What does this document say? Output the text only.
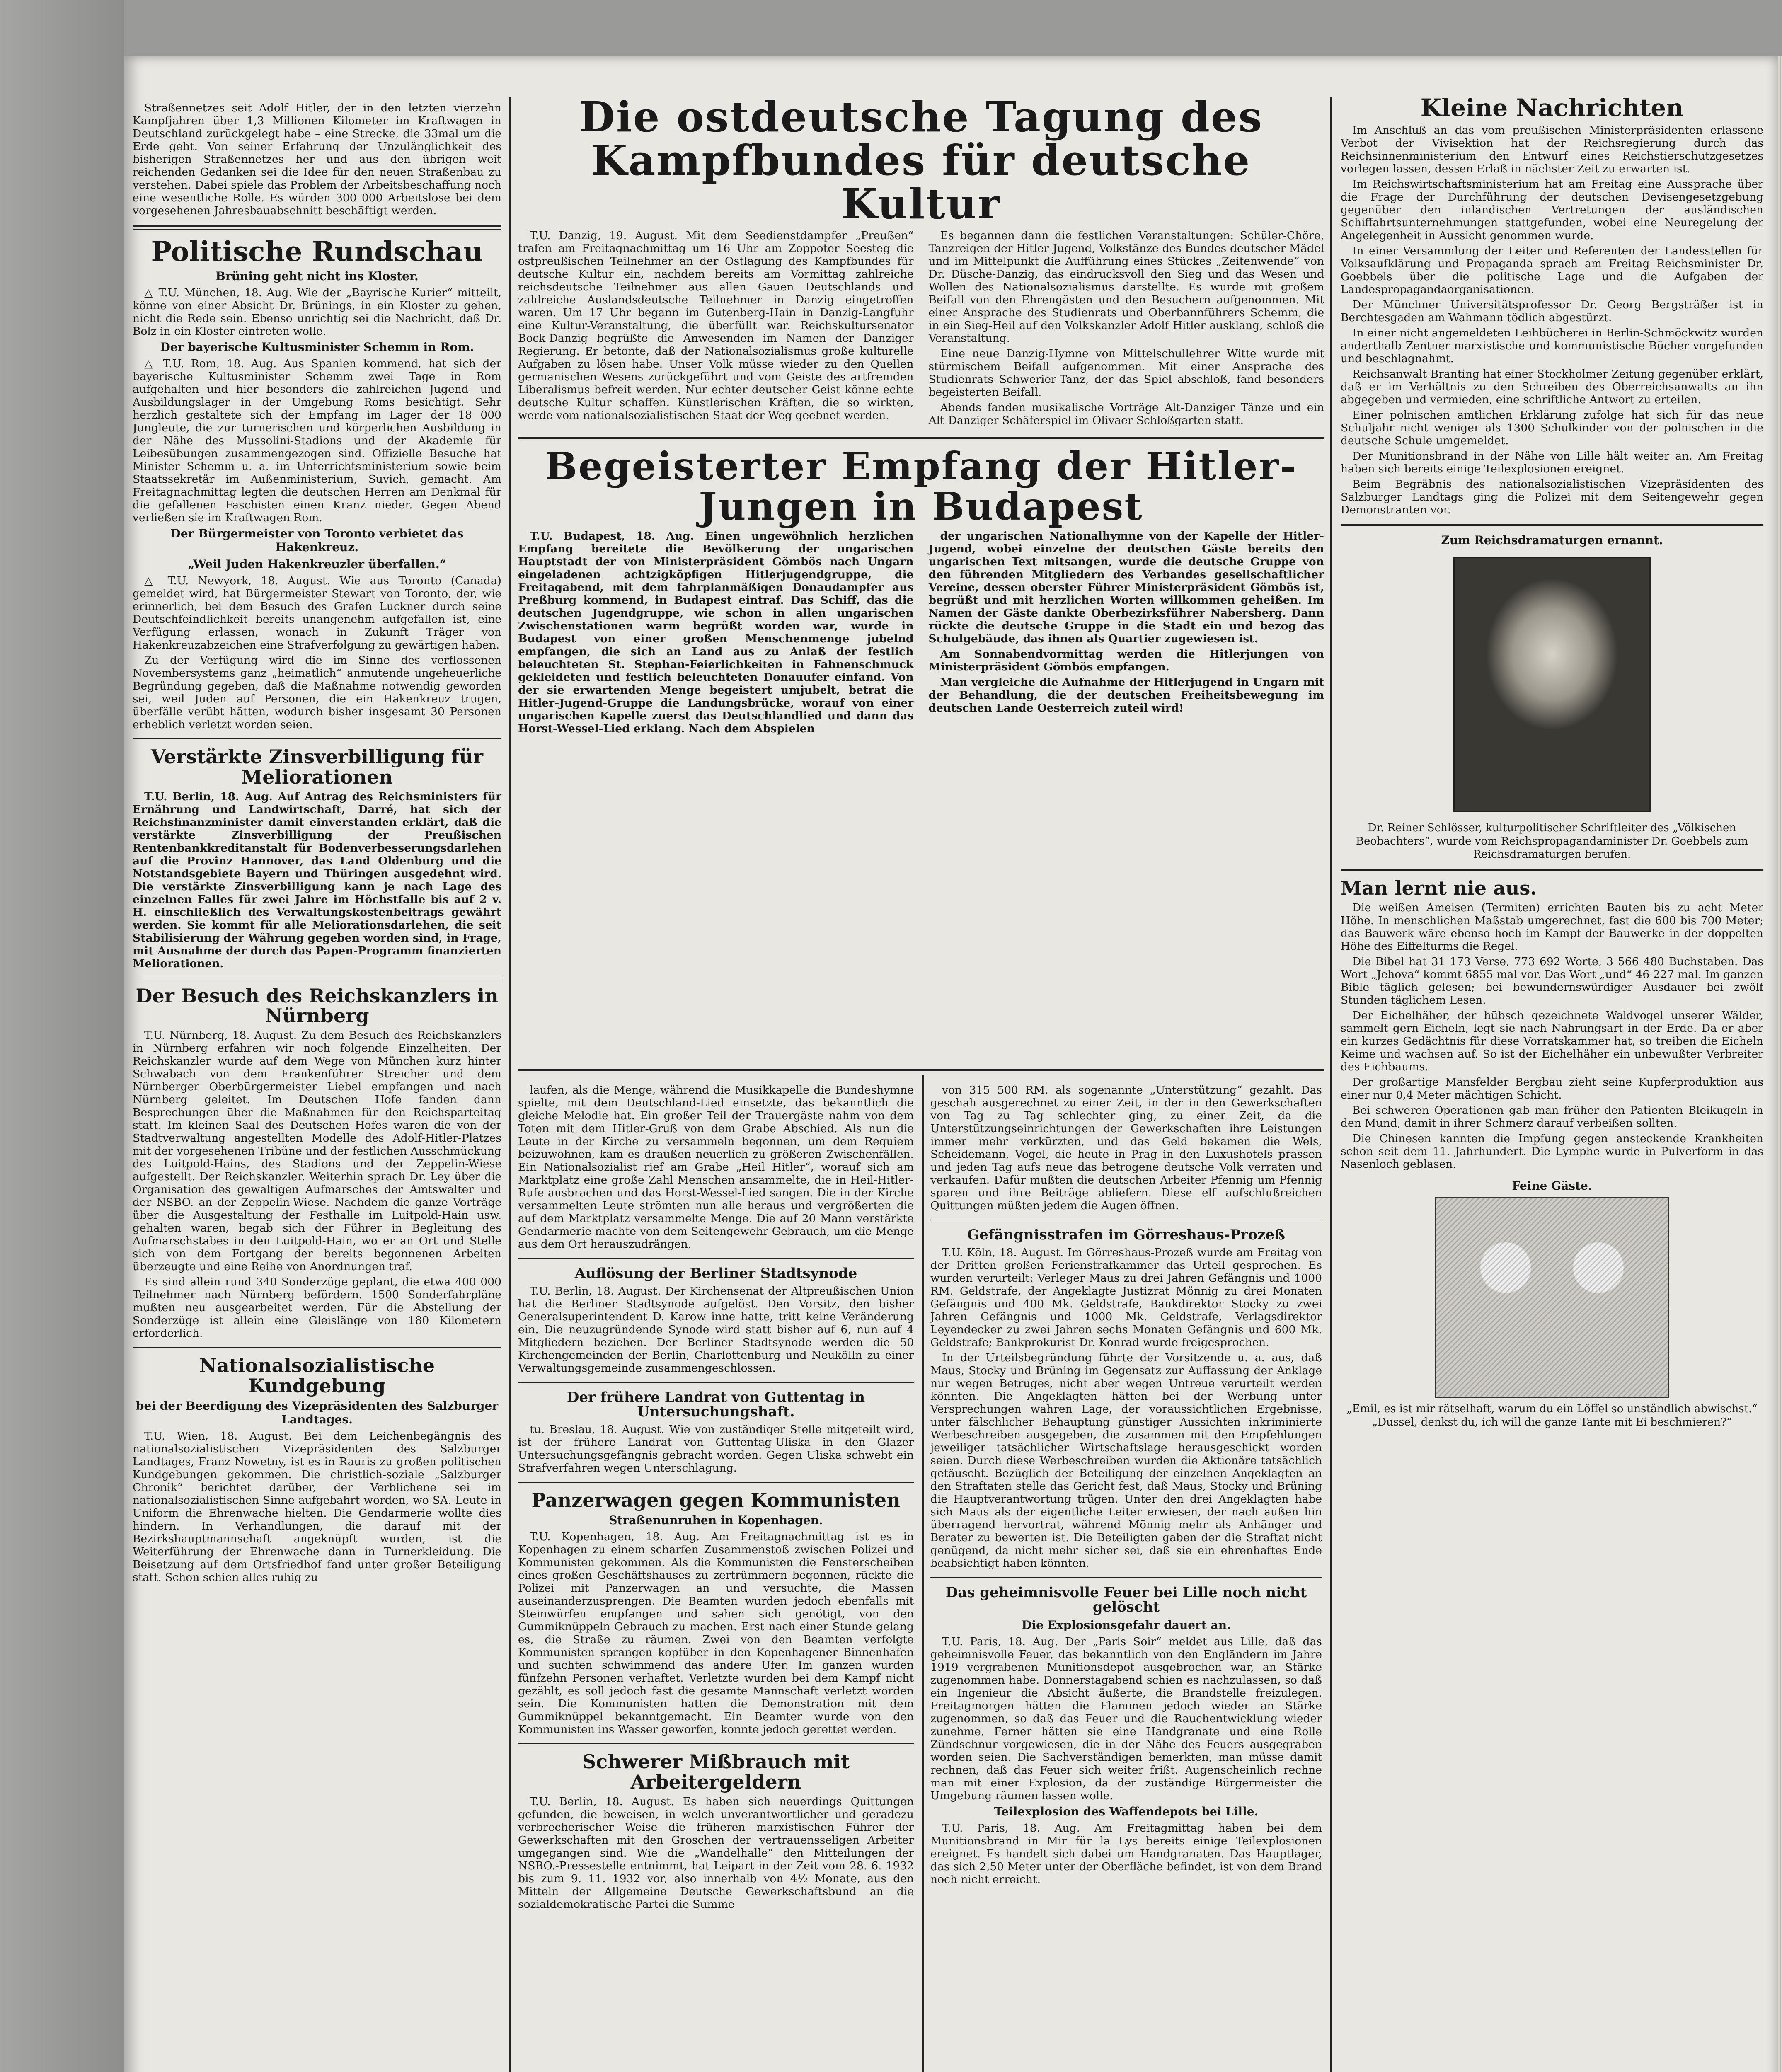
Straßennetzes seit Adolf Hitler, der in den letzten vierzehn Kampfjahren über 1,3 Millionen Kilometer im Kraftwagen in Deutschland zurückgelegt habe – eine Strecke, die 33mal um die Erde geht. Von seiner Erfahrung der Unzulänglichkeit des bisherigen Straßennetzes her und aus den übrigen weit reichenden Gedanken sei die Idee für den neuen Straßenbau zu verstehen. Dabei spiele das Problem der Arbeitsbeschaffung noch eine wesentliche Rolle. Es würden 300 000 Arbeitslose bei dem vorgesehenen Jahresbauabschnitt beschäftigt werden.

Politische Rundschau
Brüning geht nicht ins Kloster.

△ T.U. München, 18. Aug. Wie der „Bayrische Kurier“ mitteilt, könne von einer Absicht Dr. Brünings, in ein Kloster zu gehen, nicht die Rede sein. Ebenso unrichtig sei die Nachricht, daß Dr. Bolz in ein Kloster eintreten wolle.

Der bayerische Kultusminister Schemm in Rom.

△ T.U. Rom, 18. Aug. Aus Spanien kommend, hat sich der bayerische Kultusminister Schemm zwei Tage in Rom aufgehalten und hier besonders die zahlreichen Jugend- und Ausbildungslager in der Umgebung Roms besichtigt. Sehr herzlich gestaltete sich der Empfang im Lager der 18 000 Jungleute, die zur turnerischen und körperlichen Ausbildung in der Nähe des Mussolini-Stadions und der Akademie für Leibesübungen zusammengezogen sind. Offizielle Besuche hat Minister Schemm u. a. im Unterrichtsministerium sowie beim Staatssekretär im Außenministerium, Suvich, gemacht. Am Freitagnachmittag legten die deutschen Herren am Denkmal für die gefallenen Faschisten einen Kranz nieder. Gegen Abend verließen sie im Kraftwagen Rom.

Der Bürgermeister von Toronto verbietet das Hakenkreuz.
„Weil Juden Hakenkreuzler überfallen.“

△ T.U. Newyork, 18. August. Wie aus Toronto (Canada) gemeldet wird, hat Bürgermeister Stewart von Toronto, der, wie erinnerlich, bei dem Besuch des Grafen Luckner durch seine Deutschfeindlichkeit bereits unangenehm aufgefallen ist, eine Verfügung erlassen, wonach in Zukunft Träger von Hakenkreuzabzeichen eine Strafverfolgung zu gewärtigen haben.

Zu der Verfügung wird die im Sinne des verflossenen Novembersystems ganz „heimatlich“ anmutende ungeheuerliche Begründung gegeben, daß die Maßnahme notwendig geworden sei, weil Juden auf Personen, die ein Hakenkreuz trugen, überfälle verübt hätten, wodurch bisher insgesamt 30 Personen erheblich verletzt worden seien.

Verstärkte Zinsverbilligung für Meliorationen

T.U. Berlin, 18. Aug. Auf Antrag des Reichsministers für Ernährung und Landwirtschaft, Darré, hat sich der Reichsfinanzminister damit einverstanden erklärt, daß die verstärkte Zinsverbilligung der Preußischen Rentenbankkreditanstalt für Bodenverbesserungsdarlehen auf die Provinz Hannover, das Land Oldenburg und die Notstandsgebiete Bayern und Thüringen ausgedehnt wird. Die verstärkte Zinsverbilligung kann je nach Lage des einzelnen Falles für zwei Jahre im Höchstfalle bis auf 2 v. H. einschließlich des Verwaltungskostenbeitrags gewährt werden. Sie kommt für alle Meliorationsdarlehen, die seit Stabilisierung der Währung gegeben worden sind, in Frage, mit Ausnahme der durch das Papen-Programm finanzierten Meliorationen.

Der Besuch des Reichskanzlers in Nürnberg

T.U. Nürnberg, 18. August. Zu dem Besuch des Reichskanzlers in Nürnberg erfahren wir noch folgende Einzelheiten. Der Reichskanzler wurde auf dem Wege von München kurz hinter Schwabach von dem Frankenführer Streicher und dem Nürnberger Oberbürgermeister Liebel empfangen und nach Nürnberg geleitet. Im Deutschen Hofe fanden dann Besprechungen über die Maßnahmen für den Reichsparteitag statt. Im kleinen Saal des Deutschen Hofes waren die von der Stadtverwaltung angestellten Modelle des Adolf-Hitler-Platzes mit der vorgesehenen Tribüne und der festlichen Ausschmückung des Luitpold-Hains, des Stadions und der Zeppelin-Wiese aufgestellt. Der Reichskanzler. Weiterhin sprach Dr. Ley über die Organisation des gewaltigen Aufmarsches der Amtswalter und der NSBO. an der Zeppelin-Wiese. Nachdem die ganze Vorträge über die Ausgestaltung der Festhalle im Luitpold-Hain usw. gehalten waren, begab sich der Führer in Begleitung des Aufmarschstabes in den Luitpold-Hain, wo er an Ort und Stelle sich von dem Fortgang der bereits begonnenen Arbeiten überzeugte und eine Reihe von Anordnungen traf.

Es sind allein rund 340 Sonderzüge geplant, die etwa 400 000 Teilnehmer nach Nürnberg befördern. 1500 Sonderfahrpläne mußten neu ausgearbeitet werden. Für die Abstellung der Sonderzüge ist allein eine Gleislänge von 180 Kilometern erforderlich.

Nationalsozialistische Kundgebung
bei der Beerdigung des Vizepräsidenten des Salzburger Landtages.

T.U. Wien, 18. August. Bei dem Leichenbegängnis des nationalsozialistischen Vizepräsidenten des Salzburger Landtages, Franz Nowetny, ist es in Rauris zu großen politischen Kundgebungen gekommen. Die christlich-soziale „Salzburger Chronik“ berichtet darüber, der Verblichene sei im nationalsozialistischen Sinne aufgebahrt worden, wo SA.-Leute in Uniform die Ehrenwache hielten. Die Gendarmerie wollte dies hindern. In Verhandlungen, die darauf mit der Bezirkshauptmannschaft angeknüpft wurden, ist die Weiterführung der Ehrenwache dann in Turnerkleidung. Die Beisetzung auf dem Ortsfriedhof fand unter großer Beteiligung statt. Schon schien alles ruhig zu

Die ostdeutsche Tagung des Kampfbundes für deutsche Kultur

T.U. Danzig, 19. August. Mit dem Seedienstdampfer „Preußen“ trafen am Freitagnachmittag um 16 Uhr am Zoppoter Seesteg die ostpreußischen Teilnehmer an der Ostlagung des Kampfbundes für deutsche Kultur ein, nachdem bereits am Vormittag zahlreiche reichsdeutsche Teilnehmer aus allen Gauen Deutschlands und zahlreiche Auslandsdeutsche Teilnehmer in Danzig eingetroffen waren. Um 17 Uhr begann im Gutenberg-Hain in Danzig-Langfuhr eine Kultur-Veranstaltung, die überfüllt war. Reichskultursenator Bock-Danzig begrüßte die Anwesenden im Namen der Danziger Regierung. Er betonte, daß der Nationalsozialismus große kulturelle Aufgaben zu lösen habe. Unser Volk müsse wieder zu den Quellen germanischen Wesens zurückgeführt und vom Geiste des artfremden Liberalismus befreit werden. Nur echter deutscher Geist könne echte deutsche Kultur schaffen. Künstlerischen Kräften, die so wirkten, werde vom nationalsozialistischen Staat der Weg geebnet werden.

Es begannen dann die festlichen Veranstaltungen: Schüler-Chöre, Tanzreigen der Hitler-Jugend, Volkstänze des Bundes deutscher Mädel und im Mittelpunkt die Aufführung eines Stückes „Zeitenwende“ von Dr. Düsche-Danzig, das eindrucksvoll den Sieg und das Wesen und Wollen des Nationalsozialismus darstellte. Es wurde mit großem Beifall von den Ehrengästen und den Besuchern aufgenommen. Mit einer Ansprache des Studienrats und Oberbannführers Schemm, die in ein Sieg-Heil auf den Volkskanzler Adolf Hitler ausklang, schloß die Veranstaltung.

Eine neue Danzig-Hymne von Mittelschullehrer Witte wurde mit stürmischem Beifall aufgenommen. Mit einer Ansprache des Studienrats Schwerier-Tanz, der das Spiel abschloß, fand besonders begeisterten Beifall.

Abends fanden musikalische Vorträge Alt-Danziger Tänze und ein Alt-Danziger Schäferspiel im Olivaer Schloßgarten statt.

Begeisterter Empfang der Hitler-Jungen in Budapest

T.U. Budapest, 18. Aug. Einen ungewöhnlich herzlichen Empfang bereitete die Bevölkerung der ungarischen Hauptstadt der von Ministerpräsident Gömbös nach Ungarn eingeladenen achtzigköpfigen Hitlerjugendgruppe, die Freitagabend, mit dem fahrplanmäßigen Donaudampfer aus Preßburg kommend, in Budapest eintraf. Das Schiff, das die deutschen Jugendgruppe, wie schon in allen ungarischen Zwischenstationen warm begrüßt worden war, wurde in Budapest von einer großen Menschenmenge jubelnd empfangen, die sich an Land aus zu Anlaß der festlich beleuchteten St. Stephan-Feierlichkeiten in Fahnenschmuck gekleideten und festlich beleuchteten Donauufer einfand. Von der sie erwartenden Menge begeistert umjubelt, betrat die Hitler-Jugend-Gruppe die Landungsbrücke, worauf von einer ungarischen Kapelle zuerst das Deutschlandlied und dann das Horst-Wessel-Lied erklang. Nach dem Abspielen

der ungarischen Nationalhymne von der Kapelle der Hitler-Jugend, wobei einzelne der deutschen Gäste bereits den ungarischen Text mitsangen, wurde die deutsche Gruppe von den führenden Mitgliedern des Verbandes gesellschaftlicher Vereine, dessen oberster Führer Ministerpräsident Gömbös ist, begrüßt und mit herzlichen Worten willkommen geheißen. Im Namen der Gäste dankte Oberbezirksführer Nabersberg. Dann rückte die deutsche Gruppe in die Stadt ein und bezog das Schulgebäude, das ihnen als Quartier zugewiesen ist.

Am Sonnabendvormittag werden die Hitlerjungen von Ministerpräsident Gömbös empfangen.

Man vergleiche die Aufnahme der Hitlerjugend in Ungarn mit der Behandlung, die der deutschen Freiheitsbewegung im deutschen Lande Oesterreich zuteil wird!

laufen, als die Menge, während die Musikkapelle die Bundeshymne spielte, mit dem Deutschland-Lied einsetzte, das bekanntlich die gleiche Melodie hat. Ein großer Teil der Trauergäste nahm von dem Toten mit dem Hitler-Gruß von dem Grabe Abschied. Als nun die Leute in der Kirche zu versammeln begonnen, um dem Requiem beizuwohnen, kam es draußen neuerlich zu größeren Zwischenfällen. Ein Nationalsozialist rief am Grabe „Heil Hitler“, worauf sich am Marktplatz eine große Zahl Menschen ansammelte, die in Heil-Hitler-Rufe ausbrachen und das Horst-Wessel-Lied sangen. Die in der Kirche versammelten Leute strömten nun alle heraus und vergrößerten die auf dem Marktplatz versammelte Menge. Die auf 20 Mann verstärkte Gendarmerie machte von dem Seitengewehr Gebrauch, um die Menge aus dem Ort herauszudrängen.

Auflösung der Berliner Stadtsynode

T.U. Berlin, 18. August. Der Kirchensenat der Altpreußischen Union hat die Berliner Stadtsynode aufgelöst. Den Vorsitz, den bisher Generalsuperintendent D. Karow inne hatte, tritt keine Veränderung ein. Die neuzugründende Synode wird statt bisher auf 6, nun auf 4 Mitgliedern beziehen. Der Berliner Stadtsynode werden die 50 Kirchengemeinden der Berlin, Charlottenburg und Neukölln zu einer Verwaltungsgemeinde zusammengeschlossen.

Der frühere Landrat von Guttentag in Untersuchungshaft.

tu. Breslau, 18. August. Wie von zuständiger Stelle mitgeteilt wird, ist der frühere Landrat von Guttentag-Uliska in den Glazer Untersuchungsgefängnis gebracht worden. Gegen Uliska schwebt ein Strafverfahren wegen Unterschlagung.

Panzerwagen gegen Kommunisten
Straßenunruhen in Kopenhagen.

T.U. Kopenhagen, 18. Aug. Am Freitagnachmittag ist es in Kopenhagen zu einem scharfen Zusammenstoß zwischen Polizei und Kommunisten gekommen. Als die Kommunisten die Fensterscheiben eines großen Geschäftshauses zu zertrümmern begonnen, rückte die Polizei mit Panzerwagen an und versuchte, die Massen auseinanderzusprengen. Die Beamten wurden jedoch ebenfalls mit Steinwürfen empfangen und sahen sich genötigt, von den Gummiknüppeln Gebrauch zu machen. Erst nach einer Stunde gelang es, die Straße zu räumen. Zwei von den Beamten verfolgte Kommunisten sprangen kopfüber in den Kopenhagener Binnenhafen und suchten schwimmend das andere Ufer. Im ganzen wurden fünfzehn Personen verhaftet. Verletzte wurden bei dem Kampf nicht gezählt, es soll jedoch fast die gesamte Mannschaft verletzt worden sein. Die Kommunisten hatten die Demonstration mit dem Gummiknüppel bekanntgemacht. Ein Beamter wurde von den Kommunisten ins Wasser geworfen, konnte jedoch gerettet werden.

Schwerer Mißbrauch mit Arbeitergeldern

T.U. Berlin, 18. August. Es haben sich neuerdings Quittungen gefunden, die beweisen, in welch unverantwortlicher und geradezu verbrecherischer Weise die früheren marxistischen Führer der Gewerkschaften mit den Groschen der vertrauensseligen Arbeiter umgegangen sind. Wie die „Wandelhalle“ den Mitteilungen der NSBO.-Pressestelle entnimmt, hat Leipart in der Zeit vom 28. 6. 1932 bis zum 9. 11. 1932 vor, also innerhalb von 4½ Monate, aus den Mitteln der Allgemeine Deutsche Gewerkschaftsbund an die sozialdemokratische Partei die Summe

von 315 500 RM. als sogenannte „Unterstützung“ gezahlt. Das geschah ausgerechnet zu einer Zeit, in der in den Gewerkschaften von Tag zu Tag schlechter ging, zu einer Zeit, da die Unterstützungseinrichtungen der Gewerkschaften ihre Leistungen immer mehr verkürzten, und das Geld bekamen die Wels, Scheidemann, Vogel, die heute in Prag in den Luxushotels prassen und jeden Tag aufs neue das betrogene deutsche Volk verraten und verkaufen. Dafür mußten die deutschen Arbeiter Pfennig um Pfennig sparen und ihre Beiträge abliefern. Diese elf aufschlußreichen Quittungen müßten jedem die Augen öffnen.

Gefängnisstrafen im Görreshaus-Prozeß

T.U. Köln, 18. August. Im Görreshaus-Prozeß wurde am Freitag von der Dritten großen Ferienstrafkammer das Urteil gesprochen. Es wurden verurteilt: Verleger Maus zu drei Jahren Gefängnis und 1000 RM. Geldstrafe, der Angeklagte Justizrat Mönnig zu drei Monaten Gefängnis und 400 Mk. Geldstrafe, Bankdirektor Stocky zu zwei Jahren Gefängnis und 1000 Mk. Geldstrafe, Verlagsdirektor Leyendecker zu zwei Jahren sechs Monaten Gefängnis und 600 Mk. Geldstrafe; Bankprokurist Dr. Konrad wurde freigesprochen.

In der Urteilsbegründung führte der Vorsitzende u. a. aus, daß Maus, Stocky und Brüning im Gegensatz zur Auffassung der Anklage nur wegen Betruges, nicht aber wegen Untreue verurteilt werden könnten. Die Angeklagten hätten bei der Werbung unter Versprechungen wahren Lage, der voraussichtlichen Ergebnisse, unter fälschlicher Behauptung günstiger Aussichten inkriminierte Werbeschreiben ausgegeben, die zusammen mit den Empfehlungen jeweiliger tatsächlicher Wirtschaftslage herausgeschickt worden seien. Durch diese Werbeschreiben wurden die Aktionäre tatsächlich getäuscht. Bezüglich der Beteiligung der einzelnen Angeklagten an den Straftaten stelle das Gericht fest, daß Maus, Stocky und Brüning die Hauptverantwortung trügen. Unter den drei Angeklagten habe sich Maus als der eigentliche Leiter erwiesen, der nach außen hin überragend hervortrat, während Mönnig mehr als Anhänger und Berater zu bewerten ist. Die Beteiligten gaben der die Straftat nicht genügend, da nicht mehr sicher sei, daß sie ein ehrenhaftes Ende beabsichtigt haben könnten.

Das geheimnisvolle Feuer bei Lille noch nicht gelöscht
Die Explosionsgefahr dauert an.

T.U. Paris, 18. Aug. Der „Paris Soir“ meldet aus Lille, daß das geheimnisvolle Feuer, das bekanntlich von den Engländern im Jahre 1919 vergrabenen Munitionsdepot ausgebrochen war, an Stärke zugenommen habe. Donnerstagabend schien es nachzulassen, so daß ein Ingenieur die Absicht äußerte, die Brandstelle freizulegen. Freitagmorgen hätten die Flammen jedoch wieder an Stärke zugenommen, so daß das Feuer und die Rauchentwicklung wieder zunehme. Ferner hätten sie eine Handgranate und eine Rolle Zündschnur vorgewiesen, die in der Nähe des Feuers ausgegraben worden seien. Die Sachverständigen bemerkten, man müsse damit rechnen, daß das Feuer sich weiter frißt. Augenscheinlich rechne man mit einer Explosion, da der zuständige Bürgermeister die Umgebung räumen lassen wolle.

Teilexplosion des Waffendepots bei Lille.

T.U. Paris, 18. Aug. Am Freitagmittag haben bei dem Munitionsbrand in Mir für la Lys bereits einige Teilexplosionen ereignet. Es handelt sich dabei um Handgranaten. Das Hauptlager, das sich 2,50 Meter unter der Oberfläche befindet, ist von dem Brand noch nicht erreicht.

Kleine Nachrichten

Im Anschluß an das vom preußischen Ministerpräsidenten erlassene Verbot der Vivisektion hat der Reichsregierung durch das Reichsinnenministerium den Entwurf eines Reichstierschutzgesetzes vorlegen lassen, dessen Erlaß in nächster Zeit zu erwarten ist.

Im Reichswirtschaftsministerium hat am Freitag eine Aussprache über die Frage der Durchführung der deutschen Devisengesetzgebung gegenüber den inländischen Vertretungen der ausländischen Schiffahrtsunternehmungen stattgefunden, wobei eine Neuregelung der Angelegenheit in Aussicht genommen wurde.

In einer Versammlung der Leiter und Referenten der Landesstellen für Volksaufklärung und Propaganda sprach am Freitag Reichsminister Dr. Goebbels über die politische Lage und die Aufgaben der Landespropagandaorganisationen.

Der Münchner Universitätsprofessor Dr. Georg Bergsträßer ist in Berchtesgaden am Wahmann tödlich abgestürzt.

In einer nicht angemeldeten Leihbücherei in Berlin-Schmöckwitz wurden anderthalb Zentner marxistische und kommunistische Bücher vorgefunden und beschlagnahmt.

Reichsanwalt Branting hat einer Stockholmer Zeitung gegenüber erklärt, daß er im Verhältnis zu den Schreiben des Oberreichsanwalts an ihn abgegeben und vermieden, eine schriftliche Antwort zu erteilen.

Einer polnischen amtlichen Erklärung zufolge hat sich für das neue Schuljahr nicht weniger als 1300 Schulkinder von der polnischen in die deutsche Schule umgemeldet.

Der Munitionsbrand in der Nähe von Lille hält weiter an. Am Freitag haben sich bereits einige Teilexplosionen ereignet.

Beim Begräbnis des nationalsozialistischen Vizepräsidenten des Salzburger Landtags ging die Polizei mit dem Seitengewehr gegen Demonstranten vor.

Zum Reichsdramaturgen ernannt.
Dr. Reiner Schlösser, kulturpolitischer Schriftleiter des „Völkischen Beobachters“, wurde vom Reichspropagandaminister Dr. Goebbels zum Reichsdramaturgen berufen.
Man lernt nie aus.

Die weißen Ameisen (Termiten) errichten Bauten bis zu acht Meter Höhe. In menschlichen Maßstab umgerechnet, fast die 600 bis 700 Meter; das Bauwerk wäre ebenso hoch im Kampf der Bauwerke in der doppelten Höhe des Eiffelturms die Regel.

Die Bibel hat 31 173 Verse, 773 692 Worte, 3 566 480 Buchstaben. Das Wort „Jehova“ kommt 6855 mal vor. Das Wort „und“ 46 227 mal. Im ganzen Bible täglich gelesen; bei bewundernswürdiger Ausdauer bei zwölf Stunden täglichem Lesen.

Der Eichelhäher, der hübsch gezeichnete Waldvogel unserer Wälder, sammelt gern Eicheln, legt sie nach Nahrungsart in der Erde. Da er aber ein kurzes Gedächtnis für diese Vorratskammer hat, so treiben die Eicheln Keime und wachsen auf. So ist der Eichelhäher ein unbewußter Verbreiter des Eichbaums.

Der großartige Mansfelder Bergbau zieht seine Kupferproduktion aus einer nur 0,4 Meter mächtigen Schicht.

Bei schweren Operationen gab man früher den Patienten Bleikugeln in den Mund, damit in ihrer Schmerz darauf verbeißen sollten.

Die Chinesen kannten die Impfung gegen ansteckende Krankheiten schon seit dem 11. Jahrhundert. Die Lymphe wurde in Pulverform in das Nasenloch geblasen.

Feine Gäste.
„Emil, es ist mir rätselhaft, warum du ein Löffel so unständlich abwischst.“ „Dussel, denkst du, ich will die ganze Tante mit Ei beschmieren?“
